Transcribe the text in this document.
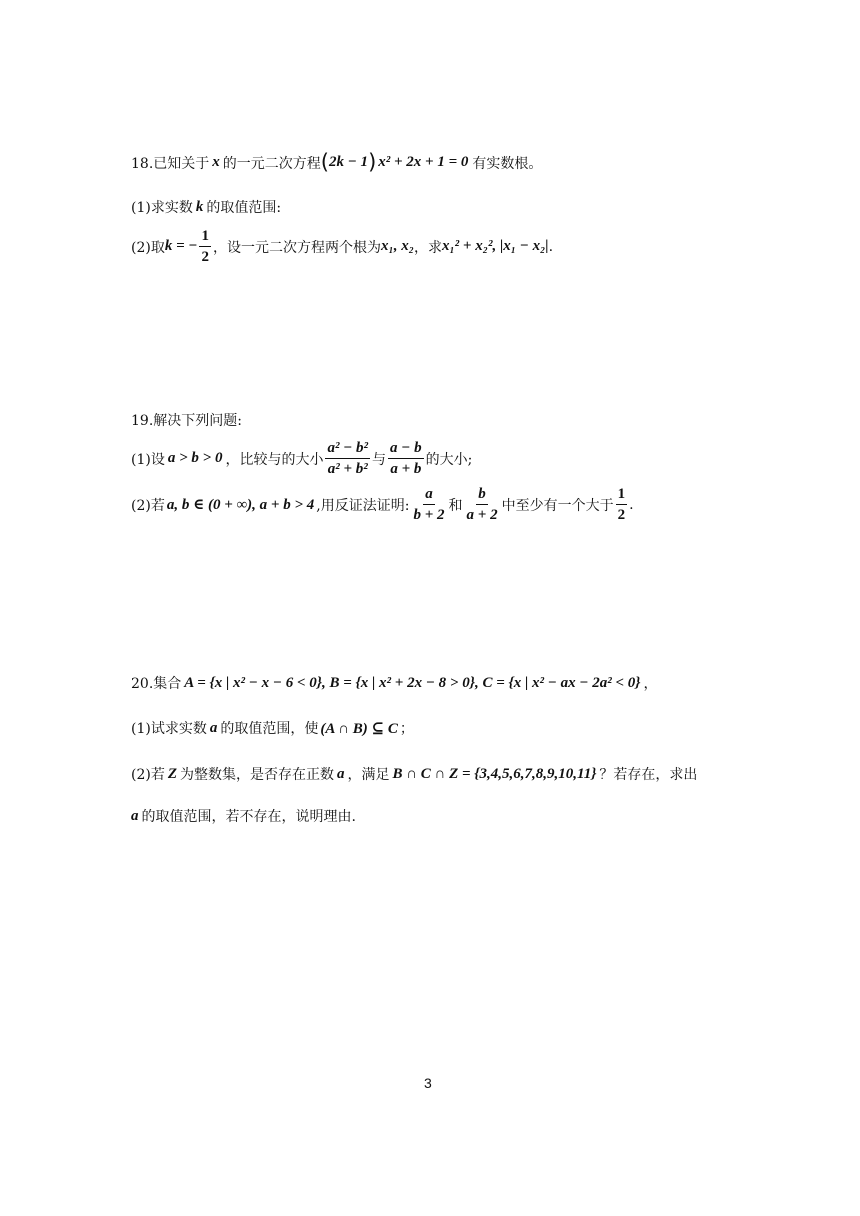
18.已知关于 x 的一元二次方程 ( 2k − 1 ) x² + 2x + 1 = 0 有实数根。
(1)求实数 k 的取值范围:
(2)取 k = − $\frac{1}{2}$ ，设一元二次方程两个根为 x₁, x₂ ，求 x₁² + x₂², |x₁ − x₂| .
19.解决下列问题:
(1)设 a > b > 0 ，比较与的大小 $\frac{\text{a² − b²}}{\text{a² + b²}}$ 与 $\frac{a - b}{a + b}$ 的大小;
(2)若 a, b ∈ (0 + ∞), a + b > 4 ,用反证法证明: $\frac{a}{b + 2}$ 和 $\frac{b}{a + 2}$ 中至少有一个大于 $\frac{1}{2}$ .
20.集合 A = {x | x² − x − 6 < 0}, B = {x | x² + 2x − 8 > 0}, C = {x | x² − ax − 2a² < 0} ，
(1)试求实数 a 的取值范围，使 (A ∩ B) ⊆ C ；
(2)若 Z 为整数集，是否存在正数 a ，满足 B ∩ C ∩ Z = {3,4,5,6,7,8,9,10,11} ？若存在，求出
a 的取值范围，若不存在，说明理由.
3
